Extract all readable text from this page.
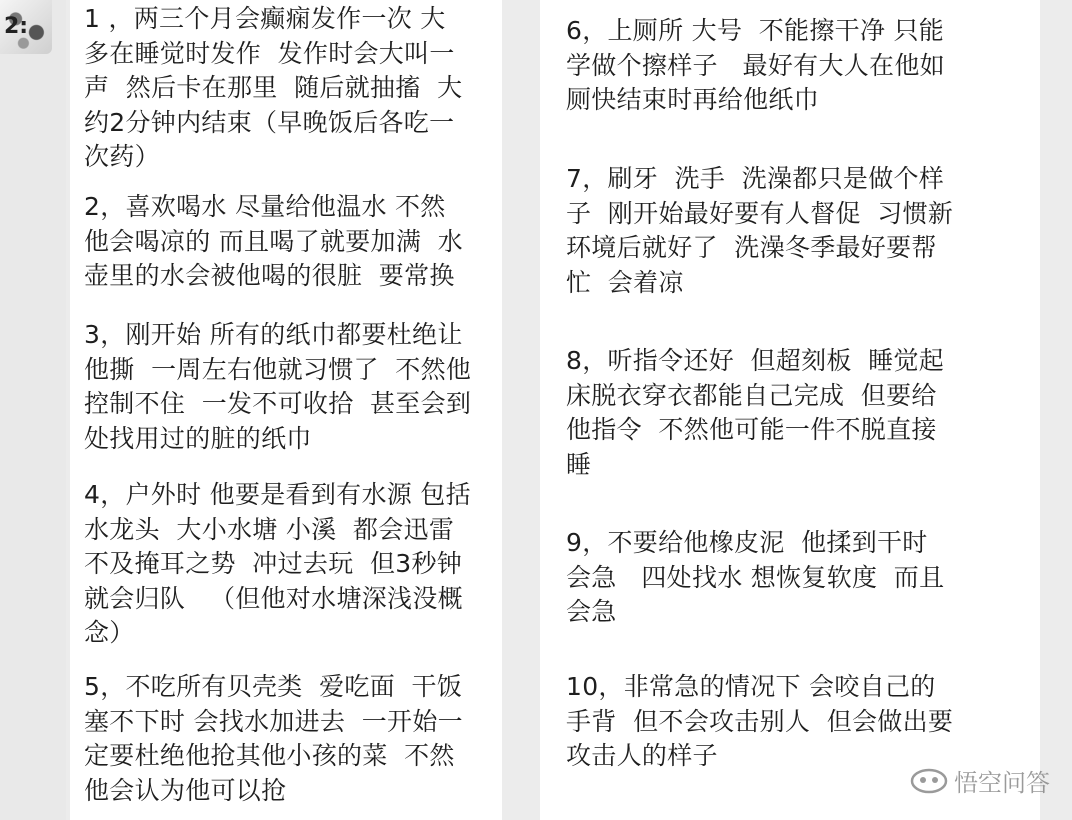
2:	1 ，两三个月会癫痫发作一次 大
多在睡觉时发作  发作时会大叫一
声  然后卡在那里  随后就抽搐  大
约2分钟内结束（早晚饭后各吃一
次药）
2，喜欢喝水 尽量给他温水 不然
他会喝凉的 而且喝了就要加满  水
壶里的水会被他喝的很脏  要常换
3，刚开始 所有的纸巾都要杜绝让
他撕  一周左右他就习惯了  不然他
控制不住  一发不可收拾  甚至会到
处找用过的脏的纸巾
4，户外时 他要是看到有水源 包括
水龙头  大小水塘 小溪  都会迅雷
不及掩耳之势  冲过去玩  但3秒钟
就会归队   （但他对水塘深浅没概
念）
5，不吃所有贝壳类  爱吃面  干饭
塞不下时 会找水加进去  一开始一
定要杜绝他抢其他小孩的菜  不然
他会认为他可以抢
6，上厕所 大号  不能擦干净 只能
学做个擦样子   最好有大人在他如
厕快结束时再给他纸巾
7，刷牙  洗手  洗澡都只是做个样
子  刚开始最好要有人督促  习惯新
环境后就好了  洗澡冬季最好要帮
忙  会着凉
8，听指令还好  但超刻板  睡觉起
床脱衣穿衣都能自己完成  但要给
他指令  不然他可能一件不脱直接
睡
9，不要给他橡皮泥  他揉到干时
会急   四处找水 想恢复软度  而且
会急
10，非常急的情况下 会咬自己的
手背  但不会攻击别人  但会做出要
攻击人的样子
悟空问答
